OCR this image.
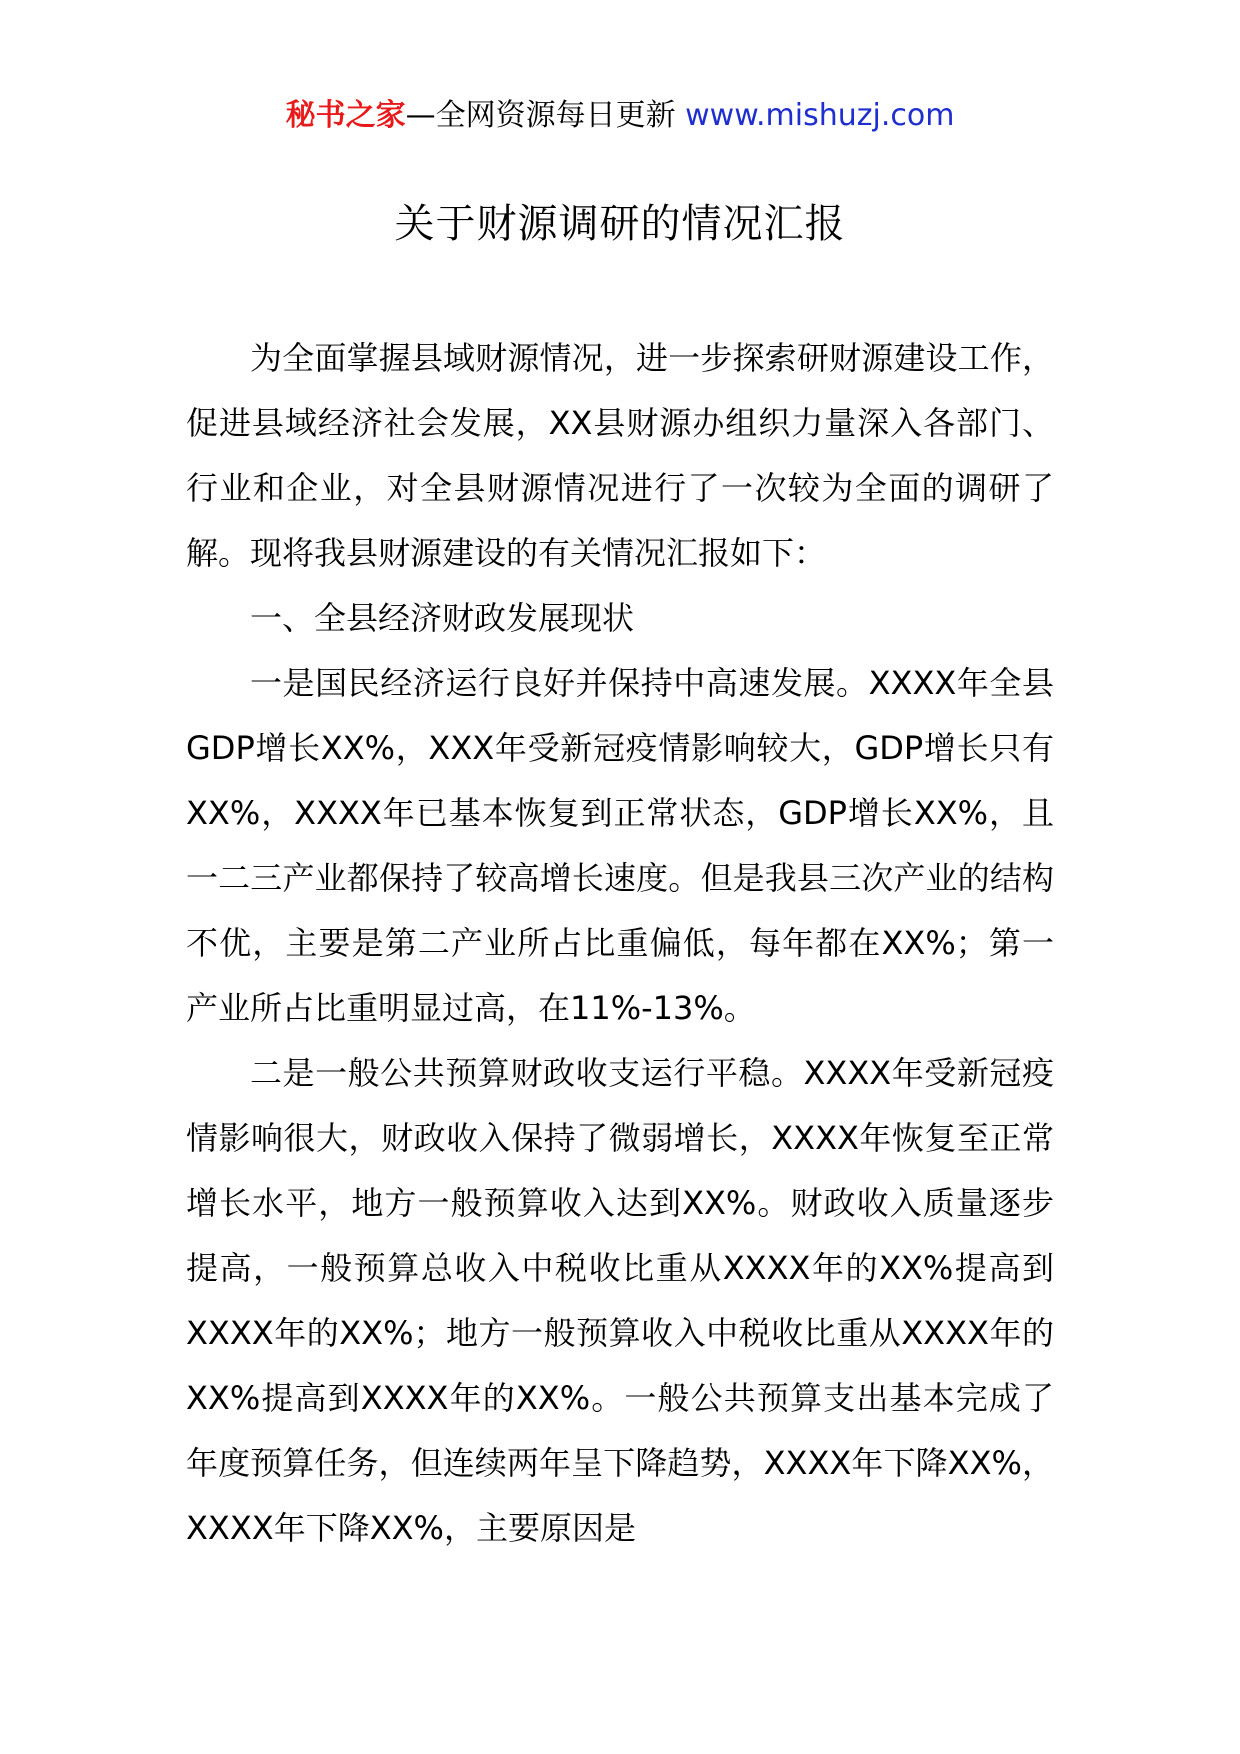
秘书之家—全网资源每日更新 www.mishuzj.com
关于财源调研的情况汇报

为全面掌握县域财源情况，进一步探索研财源建设工作，促进县域经济社会发展，XX县财源办组织力量深入各部门、行业和企业，对全县财源情况进行了一次较为全面的调研了解。现将我县财源建设的有关情况汇报如下：

一、全县经济财政发展现状

一是国民经济运行良好并保持中高速发展。XXXX年全县GDP增长XX%，XXX年受新冠疫情影响较大，GDP增长只有XX%，XXXX年已基本恢复到正常状态，GDP增长XX%，且一二三产业都保持了较高增长速度。但是我县三次产业的结构不优，主要是第二产业所占比重偏低，每年都在XX%；第一产业所占比重明显过高，在11%-13%。

二是一般公共预算财政收支运行平稳。XXXX年受新冠疫情影响很大，财政收入保持了微弱增长，XXXX年恢复至正常增长水平，地方一般预算收入达到XX%。财政收入质量逐步提高，一般预算总收入中税收比重从XXXX年的XX%提高到XXXX年的XX%；地方一般预算收入中税收比重从XXXX年的XX%提高到XXXX年的XX%。一般公共预算支出基本完成了年度预算任务，但连续两年呈下降趋势，XXXX年下降XX%，XXXX年下降XX%，主要原因是
